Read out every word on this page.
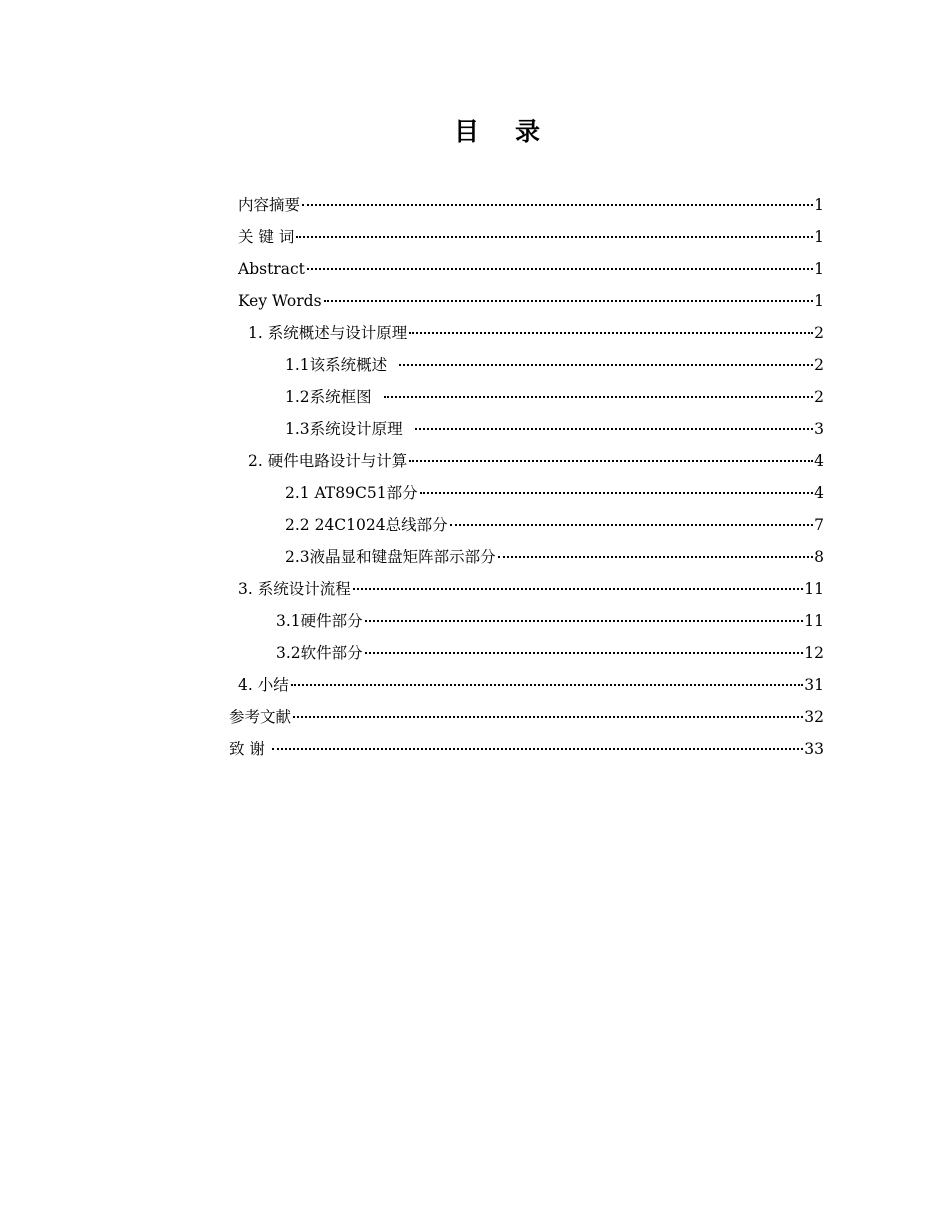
目 录
内容摘要	1
关 键 词	1
Abstract	1
Key Words	1
1. 系统概述与设计原理	2
1.1该系统概述	2
1.2系统框图	2
1.3系统设计原理	3
2. 硬件电路设计与计算	4
2.1 AT89C51部分	4
2.2 24C1024总线部分	7
2.3液晶显和键盘矩阵部示部分	8
3. 系统设计流程	11
3.1硬件部分	11
3.2软件部分	12
4. 小结	31
参考文献	32
致 谢	33
